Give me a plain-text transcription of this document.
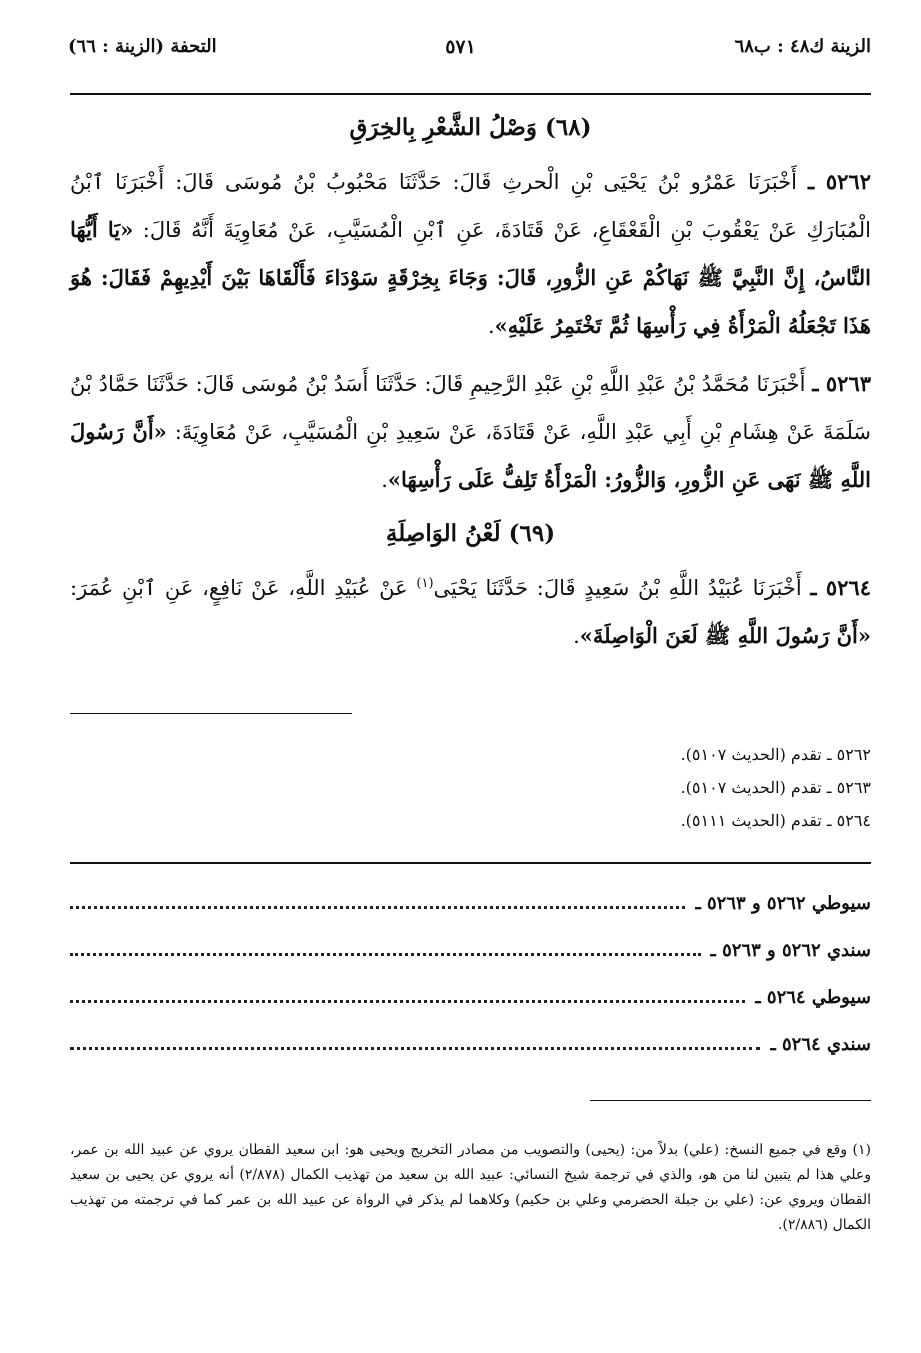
الزينة ك٤٨ : ب٦٨
٥٧١
التحفة (الزينة : ٦٦)
(٦٨) وَصْلُ الشَّعْرِ بِالخِرَقِ

٥٢٦٢ ـ أَخْبَرَنَا عَمْرُو بْنُ يَحْيَى بْنِ الْحرثِ قَالَ: حَدَّثَنَا مَحْبُوبُ بْنُ مُوسَى قَالَ: أَخْبَرَنَا ٱبْنُ الْمُبَارَكِ عَنْ يَعْقُوبَ بْنِ الْقَعْقَاعِ، عَنْ قَتَادَةَ، عَنِ ٱبْنِ الْمُسَيَّبِ، عَنْ مُعَاوِيَةَ أَنَّهُ قَالَ: «يَا أَيُّهَا النَّاسُ، إِنَّ النَّبِيَّ ﷺ نَهَاكُمْ عَنِ الزُّورِ، قَالَ: وَجَاءَ بِخِرْقَةٍ سَوْدَاءَ فَأَلْقَاهَا بَيْنَ أَيْدِيهِمْ فَقَالَ: هُوَ هَذَا تَجْعَلُهُ الْمَرْأَةُ فِي رَأْسِهَا ثُمَّ تَخْتَمِرُ عَلَيْهِ».

٥٢٦٣ ـ أَخْبَرَنَا مُحَمَّدُ بْنُ عَبْدِ اللَّهِ بْنِ عَبْدِ الرَّحِيمِ قَالَ: حَدَّثَنَا أَسَدُ بْنُ مُوسَى قَالَ: حَدَّثَنَا حَمَّادُ بْنُ سَلَمَةَ عَنْ هِشَامِ بْنِ أَبِي عَبْدِ اللَّهِ، عَنْ قَتَادَةَ، عَنْ سَعِيدِ بْنِ الْمُسَيَّبِ، عَنْ مُعَاوِيَةَ: «أَنَّ رَسُولَ اللَّهِ ﷺ نَهَى عَنِ الزُّورِ، وَالزُّورُ: الْمَرْأَةُ تَلِفُّ عَلَى رَأْسِهَا».

(٦٩) لَعْنُ الوَاصِلَةِ

٥٢٦٤ ـ أَخْبَرَنَا عُبَيْدُ اللَّهِ بْنُ سَعِيدٍ قَالَ: حَدَّثَنَا يَحْيَى$^{(١)}$ عَنْ عُبَيْدِ اللَّهِ، عَنْ نَافِعٍ، عَنِ ٱبْنِ عُمَرَ: «أَنَّ رَسُولَ اللَّهِ ﷺ لَعَنَ الْوَاصِلَةَ».

٥٢٦٢ ـ تقدم (الحديث ٥١٠٧).
٥٢٦٣ ـ تقدم (الحديث ٥١٠٧).
٥٢٦٤ ـ تقدم (الحديث ٥١١١).
سيوطي ٥٢٦٢ و ٥٢٦٣ ـ
سندي ٥٢٦٢ و ٥٢٦٣ ـ
سيوطي ٥٢٦٤ ـ
سندي ٥٢٦٤ ـ
(١) وقع في جميع النسخ: (علي) بدلاً من: (يحيى) والتصويب من مصادر التخريج ويحيى هو: ابن سعيد القطان يروي عن عبيد الله بن عمر، وعلي هذا لم يتبين لنا من هو، والذي في ترجمة شيخ النسائي: عبيد الله بن سعيد من تهذيب الكمال (٢/٨٧٨) أنه يروي عن يحيى بن سعيد القطان ويروي عن: (علي بن جبلة الحضرمي وعلي بن حكيم) وكلاهما لم يذكر في الرواة عن عبيد الله بن عمر كما في ترجمته من تهذيب الكمال (٢/٨٨٦).
